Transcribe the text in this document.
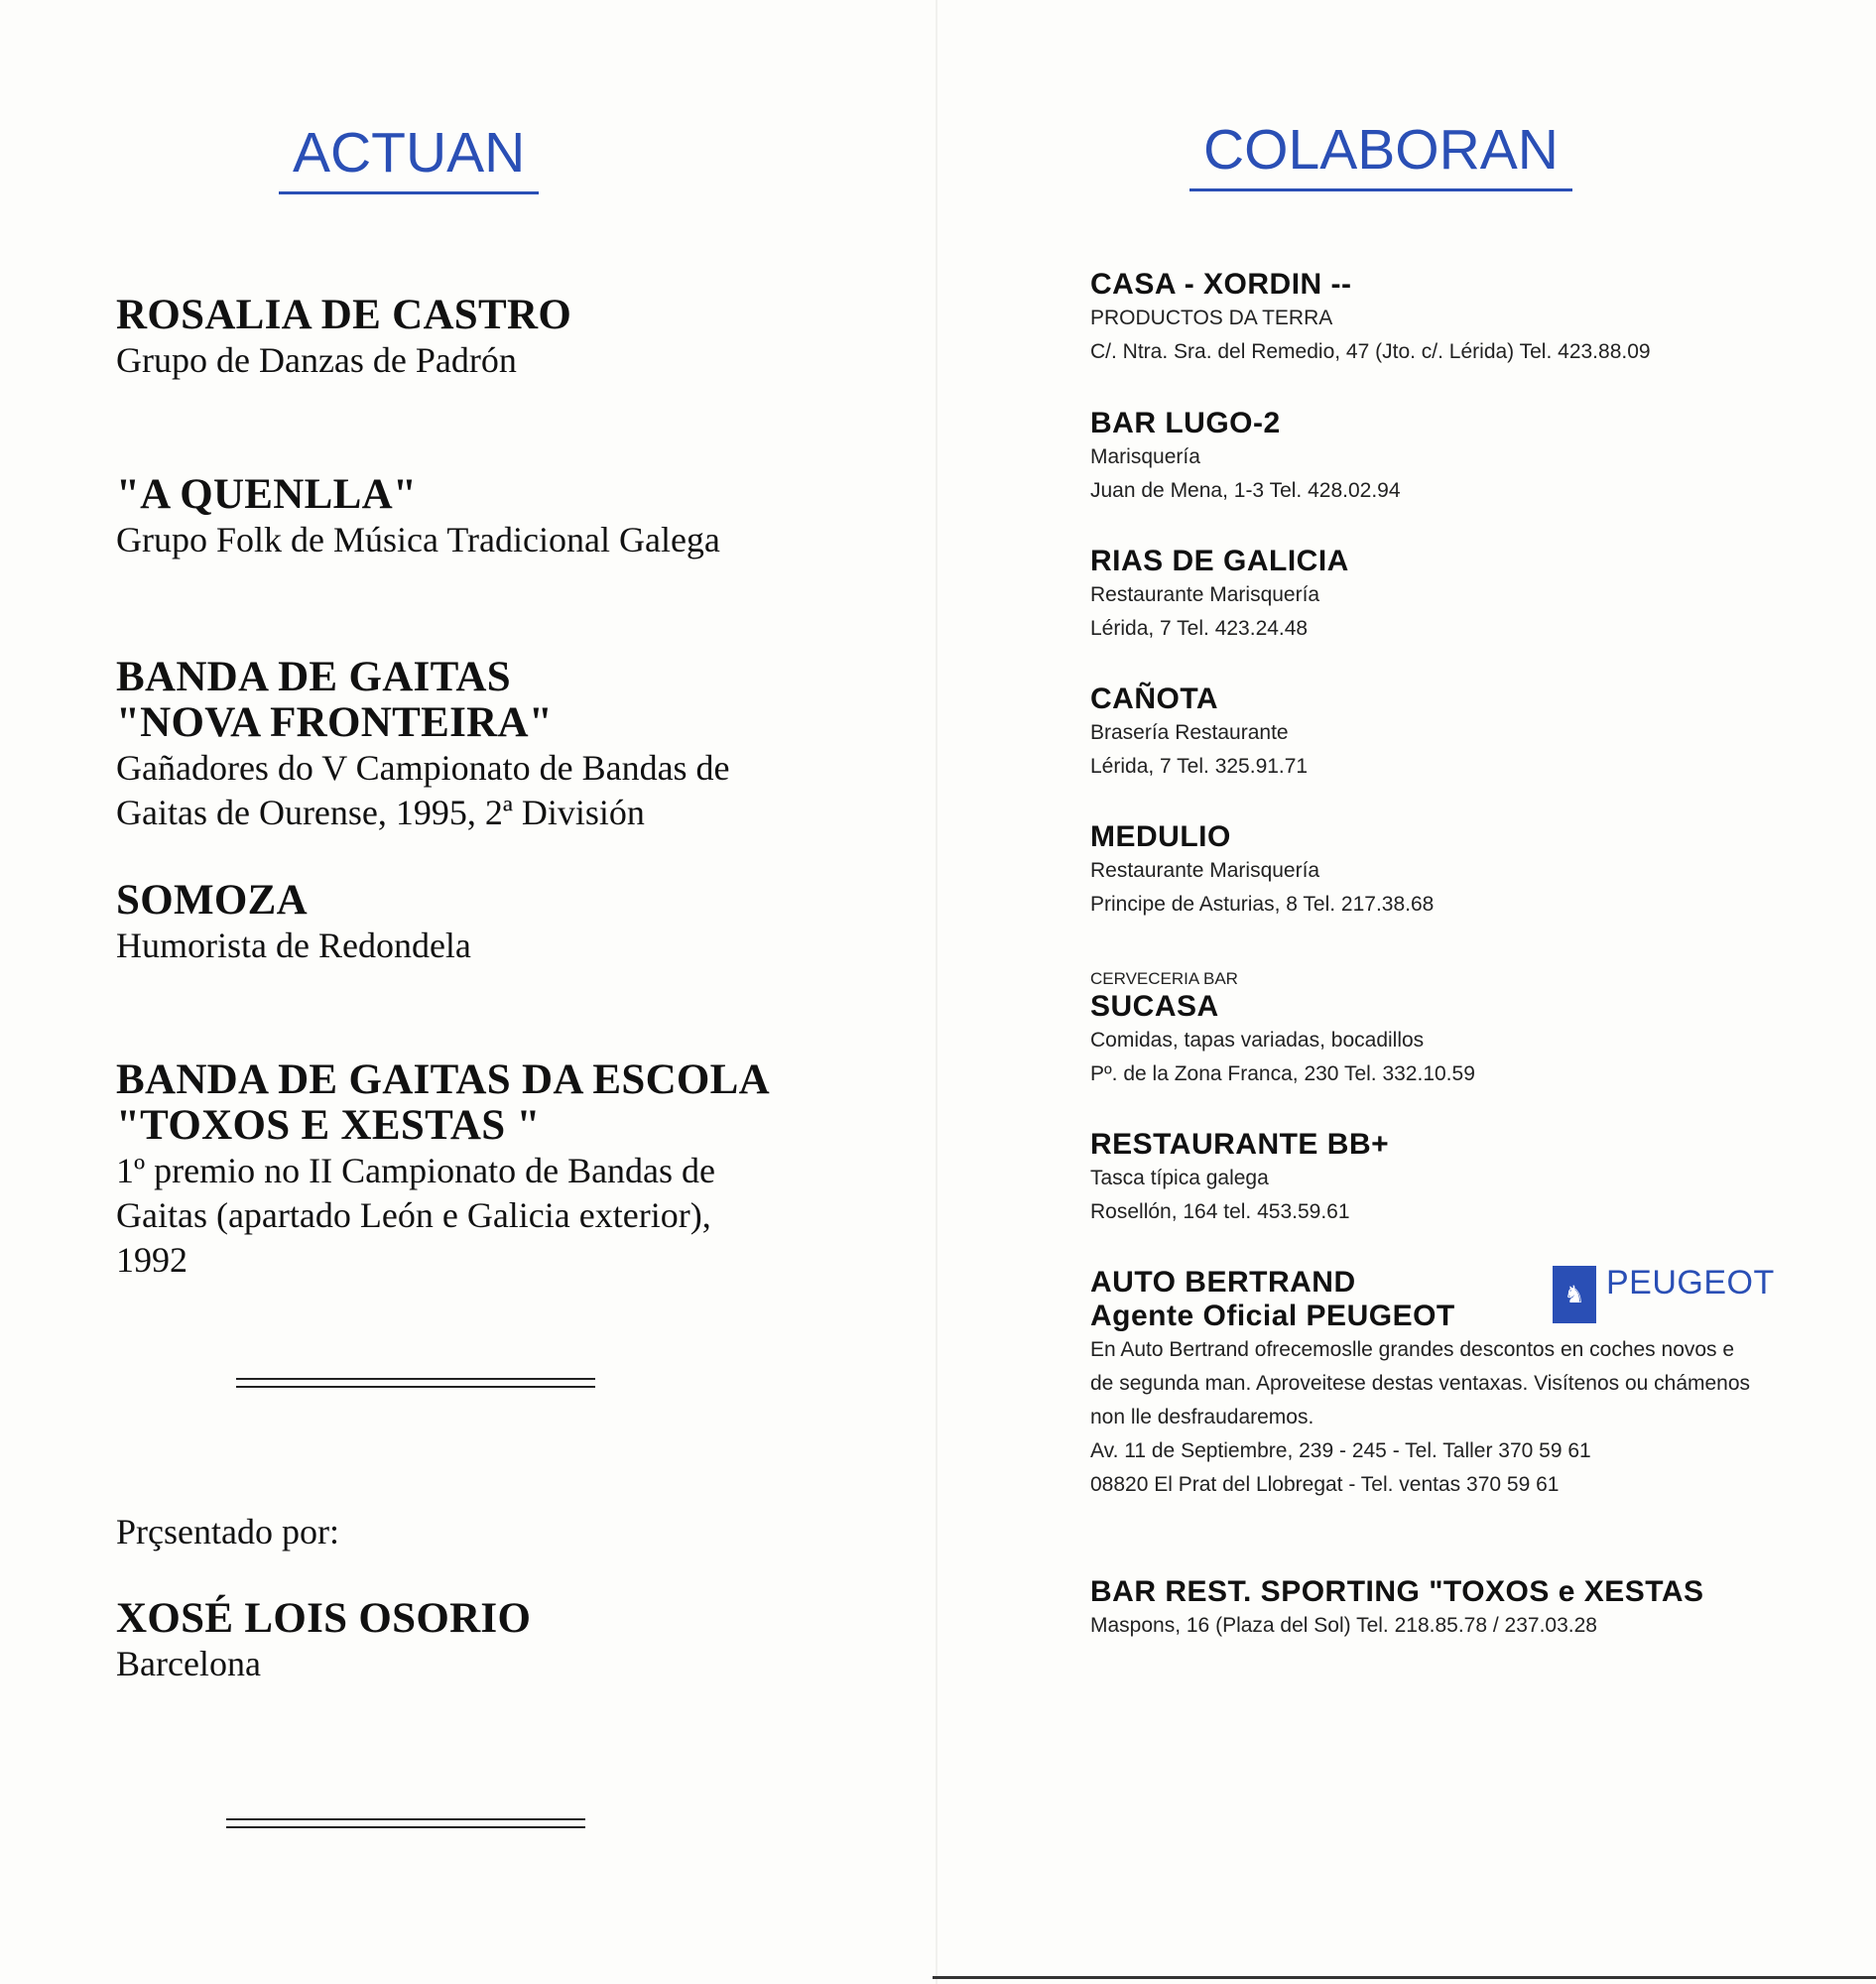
ACTUAN
ROSALIA DE CASTRO
Grupo de Danzas de Padrón
"A QUENLLA"
Grupo Folk de Música Tradicional Galega
BANDA DE GAITAS
"NOVA FRONTEIRA"
Gañadores do V Campionato de Bandas de
Gaitas de Ourense, 1995, 2ª División
SOMOZA
Humorista de Redondela
BANDA DE GAITAS DA ESCOLA
"TOXOS E XESTAS "
1º premio no II Campionato de Bandas de
Gaitas (apartado León e Galicia exterior),
1992
Prçsentado por:
XOSÉ LOIS OSORIO
Barcelona
COLABORAN
CASA - XORDIN --
PRODUCTOS DA TERRA
C/. Ntra. Sra. del Remedio, 47 (Jto. c/. Lérida) Tel. 423.88.09
BAR LUGO-2
Marisquería
Juan de Mena, 1-3 Tel. 428.02.94
RIAS DE GALICIA
Restaurante Marisquería
Lérida, 7 Tel. 423.24.48
CAÑOTA
Brasería Restaurante
Lérida, 7 Tel. 325.91.71
MEDULIO
Restaurante Marisquería
Principe de Asturias, 8 Tel. 217.38.68
CERVECERIA BAR
SUCASA
Comidas, tapas variadas, bocadillos
Pº. de la Zona Franca, 230 Tel. 332.10.59
RESTAURANTE BB+
Tasca típica galega
Rosellón, 164 tel. 453.59.61
AUTO BERTRAND
Agente Oficial PEUGEOT
En Auto Bertrand ofrecemoslle grandes descontos en coches novos e
de segunda man. Aproveitese destas ventaxas. Visítenos ou chámenos
non lle desfraudaremos.
Av. 11 de Septiembre, 239 - 245 - Tel. Taller 370 59 61
08820 El Prat del Llobregat - Tel. ventas 370 59 61
♞ PEUGEOT
BAR REST. SPORTING "TOXOS e XESTAS
Maspons, 16 (Plaza del Sol) Tel. 218.85.78 / 237.03.28
